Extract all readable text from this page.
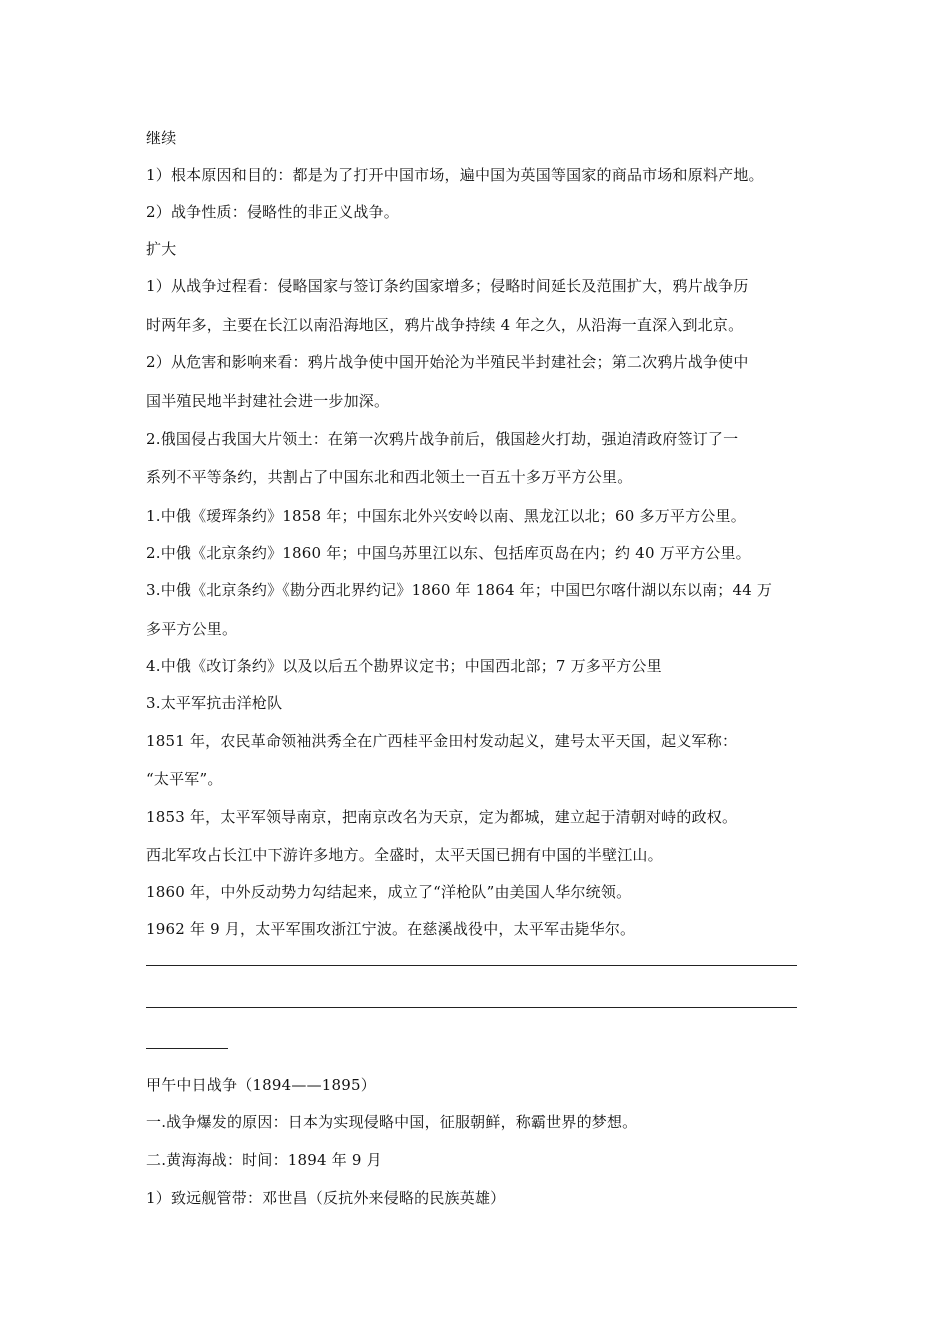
继续
1）根本原因和目的：都是为了打开中国市场，遍中国为英国等国家的商品市场和原料产地。
2）战争性质：侵略性的非正义战争。
扩大
1）从战争过程看：侵略国家与签订条约国家增多；侵略时间延长及范围扩大，鸦片战争历
时两年多，主要在长江以南沿海地区，鸦片战争持续 4 年之久，从沿海一直深入到北京。
2）从危害和影响来看：鸦片战争使中国开始沦为半殖民半封建社会；第二次鸦片战争使中
国半殖民地半封建社会进一步加深。
2.俄国侵占我国大片领土：在第一次鸦片战争前后，俄国趁火打劫，强迫清政府签订了一
系列不平等条约，共割占了中国东北和西北领土一百五十多万平方公里。
1.中俄《瑷珲条约》1858 年；中国东北外兴安岭以南、黑龙江以北；60 多万平方公里。
2.中俄《北京条约》1860 年；中国乌苏里江以东、包括库页岛在内；约 40 万平方公里。
3.中俄《北京条约》《勘分西北界约记》1860 年 1864 年；中国巴尔喀什湖以东以南；44 万
多平方公里。
4.中俄《改订条约》以及以后五个勘界议定书；中国西北部；7 万多平方公里
3.太平军抗击洋枪队
1851 年，农民革命领袖洪秀全在广西桂平金田村发动起义，建号太平天国，起义军称：
“太平军”。
1853 年，太平军领导南京，把南京改名为天京，定为都城，建立起于清朝对峙的政权。
西北军攻占长江中下游许多地方。全盛时，太平天国已拥有中国的半壁江山。
1860 年，中外反动势力勾结起来，成立了“洋枪队”由美国人华尔统领。
1962 年 9 月，太平军围攻浙江宁波。在慈溪战役中，太平军击毙华尔。
甲午中日战争（1894——1895）
一.战争爆发的原因：日本为实现侵略中国，征服朝鲜，称霸世界的梦想。
二.黄海海战：时间：1894 年 9 月
1）致远舰管带：邓世昌（反抗外来侵略的民族英雄）
